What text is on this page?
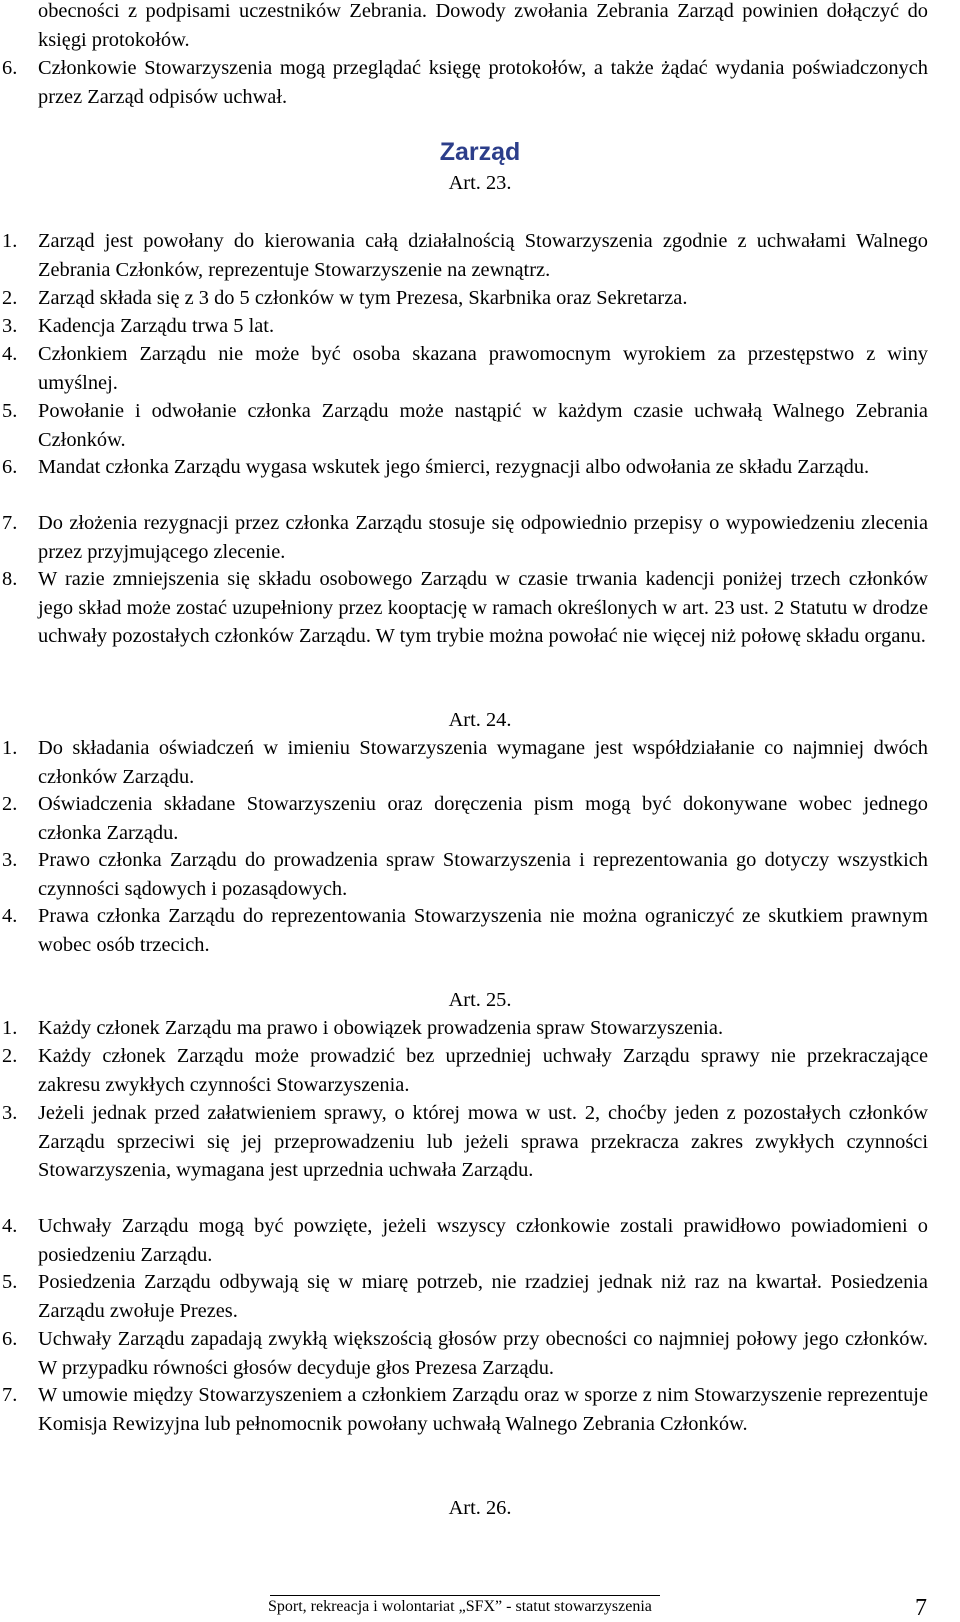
obecności z podpisami uczestników Zebrania. Dowody zwołania Zebrania Zarząd powinien dołączyć do księgi protokołów.
6.	Członkowie Stowarzyszenia mogą przeglądać księgę protokołów, a także żądać wydania poświadczonych przez Zarząd odpisów uchwał.
Zarząd
Art. 23.
1.	Zarząd jest powołany do kierowania całą działalnością Stowarzyszenia zgodnie z uchwałami Walnego Zebrania Członków, reprezentuje Stowarzyszenie na zewnątrz.
2.	Zarząd składa się z 3 do 5 członków w tym Prezesa, Skarbnika oraz Sekretarza.
3.	Kadencja Zarządu trwa 5 lat.
4.	Członkiem Zarządu nie może być osoba skazana prawomocnym wyrokiem za przestępstwo z winy umyślnej.
5.	Powołanie i odwołanie członka Zarządu może nastąpić w każdym czasie uchwałą Walnego Zebrania Członków.
6.	Mandat członka Zarządu wygasa wskutek jego śmierci, rezygnacji albo odwołania ze składu Zarządu.
7.	Do złożenia rezygnacji przez członka Zarządu stosuje się odpowiednio przepisy o wypowiedzeniu zlecenia przez przyjmującego zlecenie.
8.	W razie zmniejszenia się składu osobowego Zarządu w czasie trwania kadencji poniżej trzech członków jego skład może zostać uzupełniony przez kooptację w ramach określonych w art. 23 ust. 2 Statutu w drodze uchwały pozostałych członków Zarządu. W tym trybie można powołać nie więcej niż połowę składu organu.
Art. 24.
1.	Do składania oświadczeń w imieniu Stowarzyszenia wymagane jest współdziałanie co najmniej dwóch członków Zarządu.
2.	Oświadczenia składane Stowarzyszeniu oraz doręczenia pism mogą być dokonywane wobec jednego członka Zarządu.
3.	Prawo członka Zarządu do prowadzenia spraw Stowarzyszenia i reprezentowania go dotyczy wszystkich czynności sądowych i pozasądowych.
4.	Prawa członka Zarządu do reprezentowania Stowarzyszenia nie można ograniczyć ze skutkiem prawnym wobec osób trzecich.
Art. 25.
1.	Każdy członek Zarządu ma prawo i obowiązek prowadzenia spraw Stowarzyszenia.
2.	Każdy członek Zarządu może prowadzić bez uprzedniej uchwały Zarządu sprawy nie przekraczające zakresu zwykłych czynności Stowarzyszenia.
3.	Jeżeli jednak przed załatwieniem sprawy, o której mowa w ust. 2, choćby jeden z pozostałych członków Zarządu sprzeciwi się jej przeprowadzeniu lub jeżeli sprawa przekracza zakres zwykłych czynności Stowarzyszenia, wymagana jest uprzednia uchwała Zarządu.
4.	Uchwały Zarządu mogą być powzięte, jeżeli wszyscy członkowie zostali prawidłowo powiadomieni o posiedzeniu Zarządu.
5.	Posiedzenia Zarządu odbywają się w miarę potrzeb, nie rzadziej jednak niż raz na kwartał. Posiedzenia Zarządu zwołuje Prezes.
6.	Uchwały Zarządu zapadają zwykłą większością głosów przy obecności co najmniej połowy jego członków. W przypadku równości głosów decyduje głos Prezesa Zarządu.
7.	W umowie między Stowarzyszeniem a członkiem Zarządu oraz w sporze z nim Stowarzyszenie reprezentuje Komisja Rewizyjna lub pełnomocnik powołany uchwałą Walnego Zebrania Członków.
Art. 26.
Sport, rekreacja i wolontariat „SFX” - statut stowarzyszenia	7
